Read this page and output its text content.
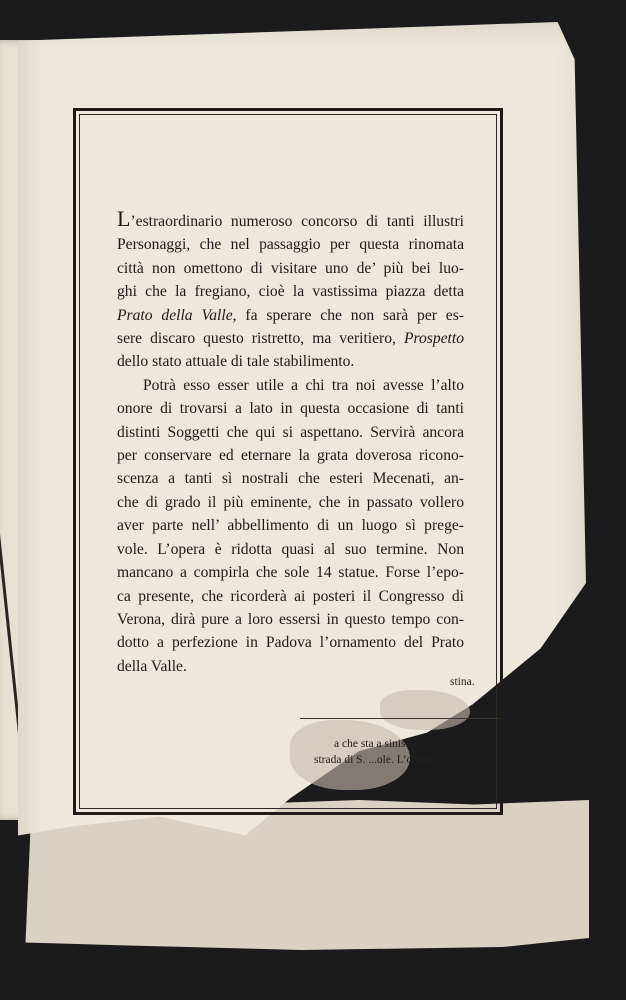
L’estraordinario numeroso concorso di tanti illustri
Personaggi, che nel passaggio per questa rinomata
città non omettono di visitare uno de’ più bei luo-
ghi che la fregiano, cioè la vastissima piazza detta
Prato della Valle, fa sperare che non sarà per es-
sere discaro questo ristretto, ma veritiero, Prospetto
dello stato attuale di tale stabilimento.

Potrà esso esser utile a chi tra noi avesse l’alto
onore di trovarsi a lato in questa occasione di tanti
distinti Soggetti che qui si aspettano. Servirà ancora
per conservare ed eternare la grata doverosa ricono-
scenza a tanti sì nostrali che esteri Mecenati, an-
che di grado il più eminente, che in passato vollero
aver parte nell’ abbellimento di un luogo sì prege-
vole. L’opera è ridotta quasi al suo termine. Non
mancano a compirla che sole 14 statue. Forse l’epo-
ca presente, che ricorderà ai posteri il Congresso di
Verona, dirà pure a loro essersi in questo tempo con-
dotto a perfezione in Padova l’ornamento del Prato
della Valle.

stina.
a che sta a sinistra di chi
strada di S. ...ole. L’ordine
